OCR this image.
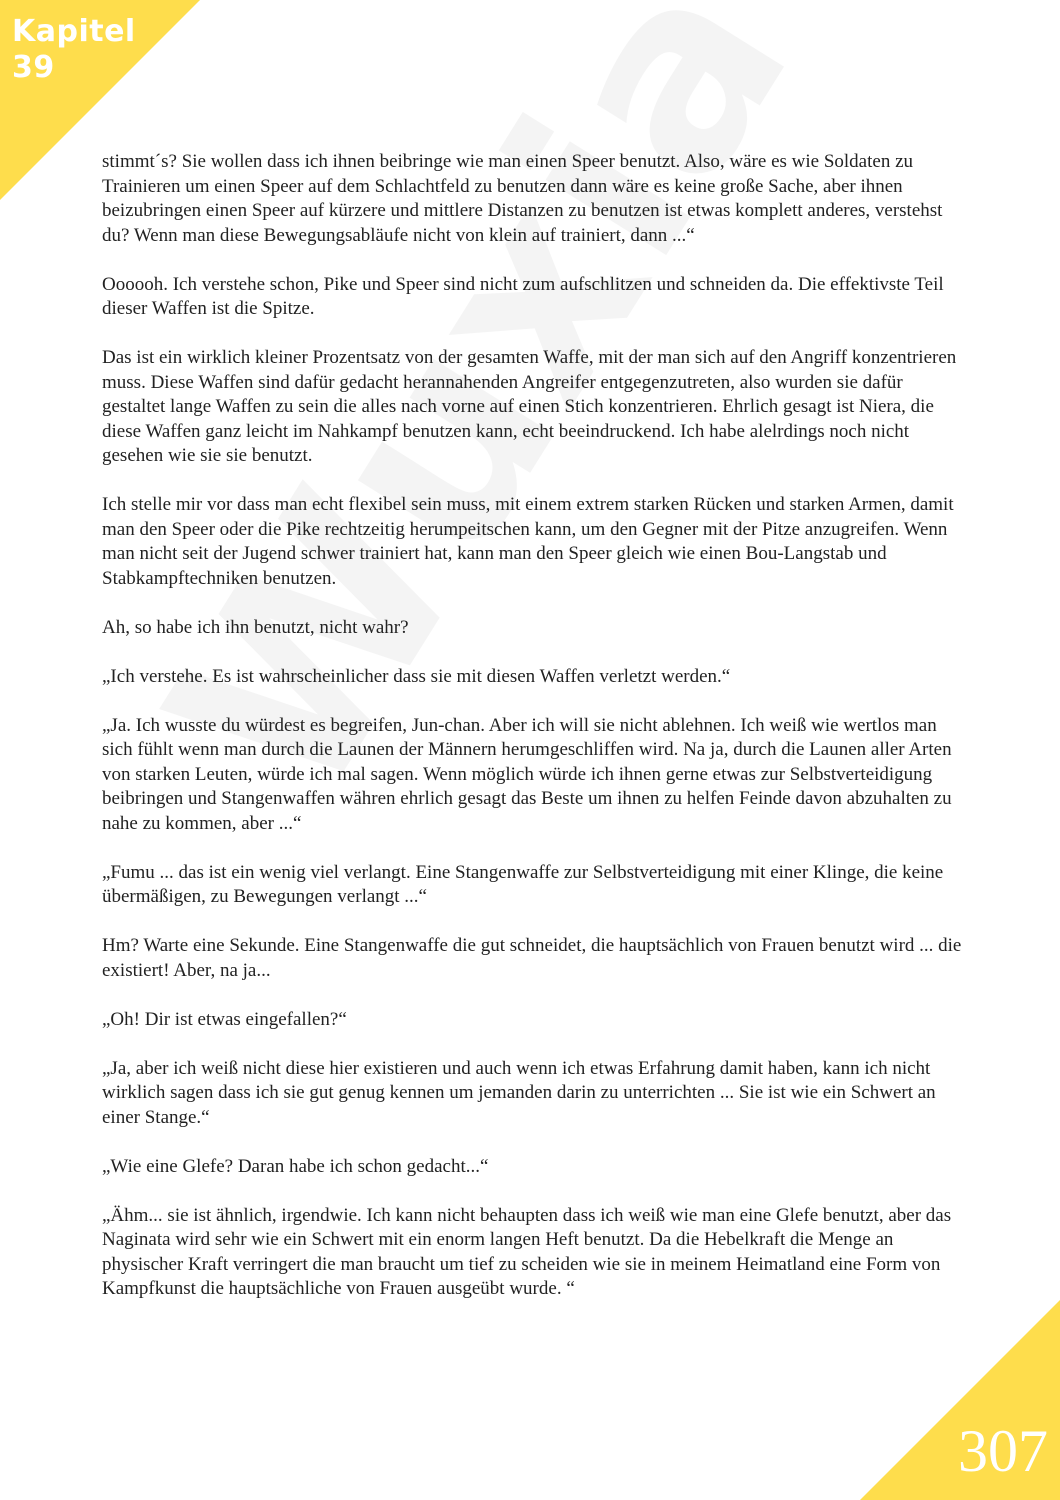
Kapitel
39

stimmt´s? Sie wollen dass ich ihnen beibringe wie man einen Speer benutzt. Also, wäre es wie Soldaten zu Trainieren um einen Speer auf dem Schlachtfeld zu benutzen dann wäre es keine große Sache, aber ihnen beizubringen einen Speer auf kürzere und mittlere Distanzen zu benutzen ist etwas komplett anderes, verstehst du? Wenn man diese Bewegungsabläufe nicht von klein auf trainiert, dann ...“

Oooooh. Ich verstehe schon, Pike und Speer sind nicht zum aufschlitzen und schneiden da. Die effektivste Teil dieser Waffen ist die Spitze.

Das ist ein wirklich kleiner Prozentsatz von der gesamten Waffe, mit der man sich auf den Angriff konzentrieren muss. Diese Waffen sind dafür gedacht herannahenden Angreifer entgegenzutreten, also wurden sie dafür gestaltet lange Waffen zu sein die alles nach vorne auf einen Stich konzentrieren. Ehrlich gesagt ist Niera, die diese Waffen ganz leicht im Nahkampf benutzen kann, echt beeindruckend. Ich habe alelrdings noch nicht gesehen wie sie sie benutzt.

Ich stelle mir vor dass man echt flexibel sein muss, mit einem extrem starken Rücken und starken Armen, damit man den Speer oder die Pike rechtzeitig herumpeitschen kann, um den Gegner mit der Pitze anzugreifen. Wenn man nicht seit der Jugend schwer trainiert hat, kann man den Speer gleich wie einen Bou-Langstab und Stabkampftechniken benutzen.

Ah, so habe ich ihn benutzt, nicht wahr?

„Ich verstehe. Es ist wahrscheinlicher dass sie mit diesen Waffen verletzt werden.“

„Ja. Ich wusste du würdest es begreifen, Jun-chan. Aber ich will sie nicht ablehnen. Ich weiß wie wertlos man sich fühlt wenn man durch die Launen der Männern herumgeschliffen wird. Na ja, durch die Launen aller Arten von starken Leuten, würde ich mal sagen. Wenn möglich würde ich ihnen gerne etwas zur Selbstverteidigung beibringen und Stangenwaffen währen ehrlich gesagt das Beste um ihnen zu helfen Feinde davon abzuhalten zu nahe zu kommen, aber ...“

„Fumu ... das ist ein wenig viel verlangt. Eine Stangenwaffe zur Selbstverteidigung mit einer Klinge, die keine übermäßigen, zu Bewegungen verlangt ...“

Hm? Warte eine Sekunde. Eine Stangenwaffe die gut schneidet, die hauptsächlich von Frauen benutzt wird ... die existiert! Aber, na ja...

„Oh! Dir ist etwas eingefallen?“

„Ja, aber ich weiß nicht diese hier existieren und auch wenn ich etwas Erfahrung damit haben, kann ich nicht wirklich sagen dass ich sie gut genug kennen um jemanden darin zu unterrichten ... Sie ist wie ein Schwert an einer Stange.“

„Wie eine Glefe? Daran habe ich schon gedacht...“

„Ähm... sie ist ähnlich, irgendwie. Ich kann nicht behaupten dass ich weiß wie man eine Glefe benutzt, aber das Naginata wird sehr wie ein Schwert mit ein enorm langen Heft benutzt. Da die Hebelkraft die Menge an physischer Kraft verringert die man braucht um tief zu scheiden wie sie in meinem Heimatland eine Form von Kampfkunst die hauptsächliche von Frauen ausgeübt wurde. “

307
